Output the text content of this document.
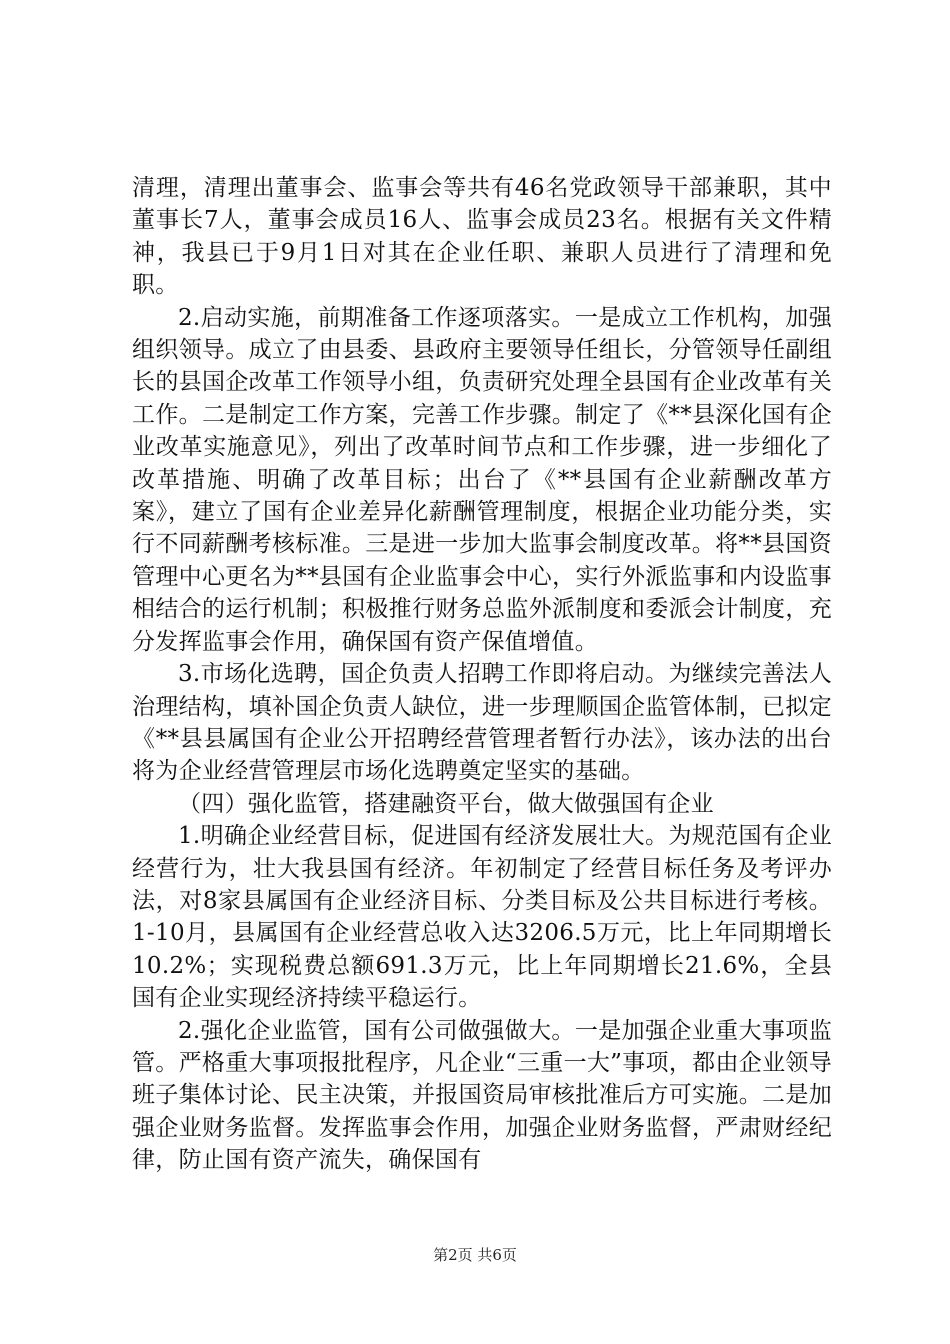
清理，清理出董事会、监事会等共有46名党政领导干部兼职，其中董事长7人，董事会成员16人、监事会成员23名。根据有关文件精神，我县已于9月1日对其在企业任职、兼职人员进行了清理和免职。

2.启动实施，前期准备工作逐项落实。一是成立工作机构，加强组织领导。成立了由县委、县政府主要领导任组长，分管领导任副组长的县国企改革工作领导小组，负责研究处理全县国有企业改革有关工作。二是制定工作方案，完善工作步骤。制定了《**县深化国有企业改革实施意见》，列出了改革时间节点和工作步骤，进一步细化了改革措施、明确了改革目标；出台了《**县国有企业薪酬改革方案》，建立了国有企业差异化薪酬管理制度，根据企业功能分类，实行不同薪酬考核标准。三是进一步加大监事会制度改革。将**县国资管理中心更名为**县国有企业监事会中心，实行外派监事和内设监事相结合的运行机制；积极推行财务总监外派制度和委派会计制度，充分发挥监事会作用，确保国有资产保值增值。

3.市场化选聘，国企负责人招聘工作即将启动。为继续完善法人治理结构，填补国企负责人缺位，进一步理顺国企监管体制，已拟定《**县县属国有企业公开招聘经营管理者暂行办法》，该办法的出台将为企业经营管理层市场化选聘奠定坚实的基础。

（四）强化监管，搭建融资平台，做大做强国有企业

1.明确企业经营目标，促进国有经济发展壮大。为规范国有企业经营行为，壮大我县国有经济。年初制定了经营目标任务及考评办法，对8家县属国有企业经济目标、分类目标及公共目标进行考核。1-10月，县属国有企业经营总收入达3206.5万元，比上年同期增长10.2%；实现税费总额691.3万元，比上年同期增长21.6%，全县国有企业实现经济持续平稳运行。

2.强化企业监管，国有公司做强做大。一是加强企业重大事项监管。严格重大事项报批程序，凡企业“三重一大”事项，都由企业领导班子集体讨论、民主决策，并报国资局审核批准后方可实施。二是加强企业财务监督。发挥监事会作用，加强企业财务监督，严肃财经纪律，防止国有资产流失，确保国有

第2页 共6页
